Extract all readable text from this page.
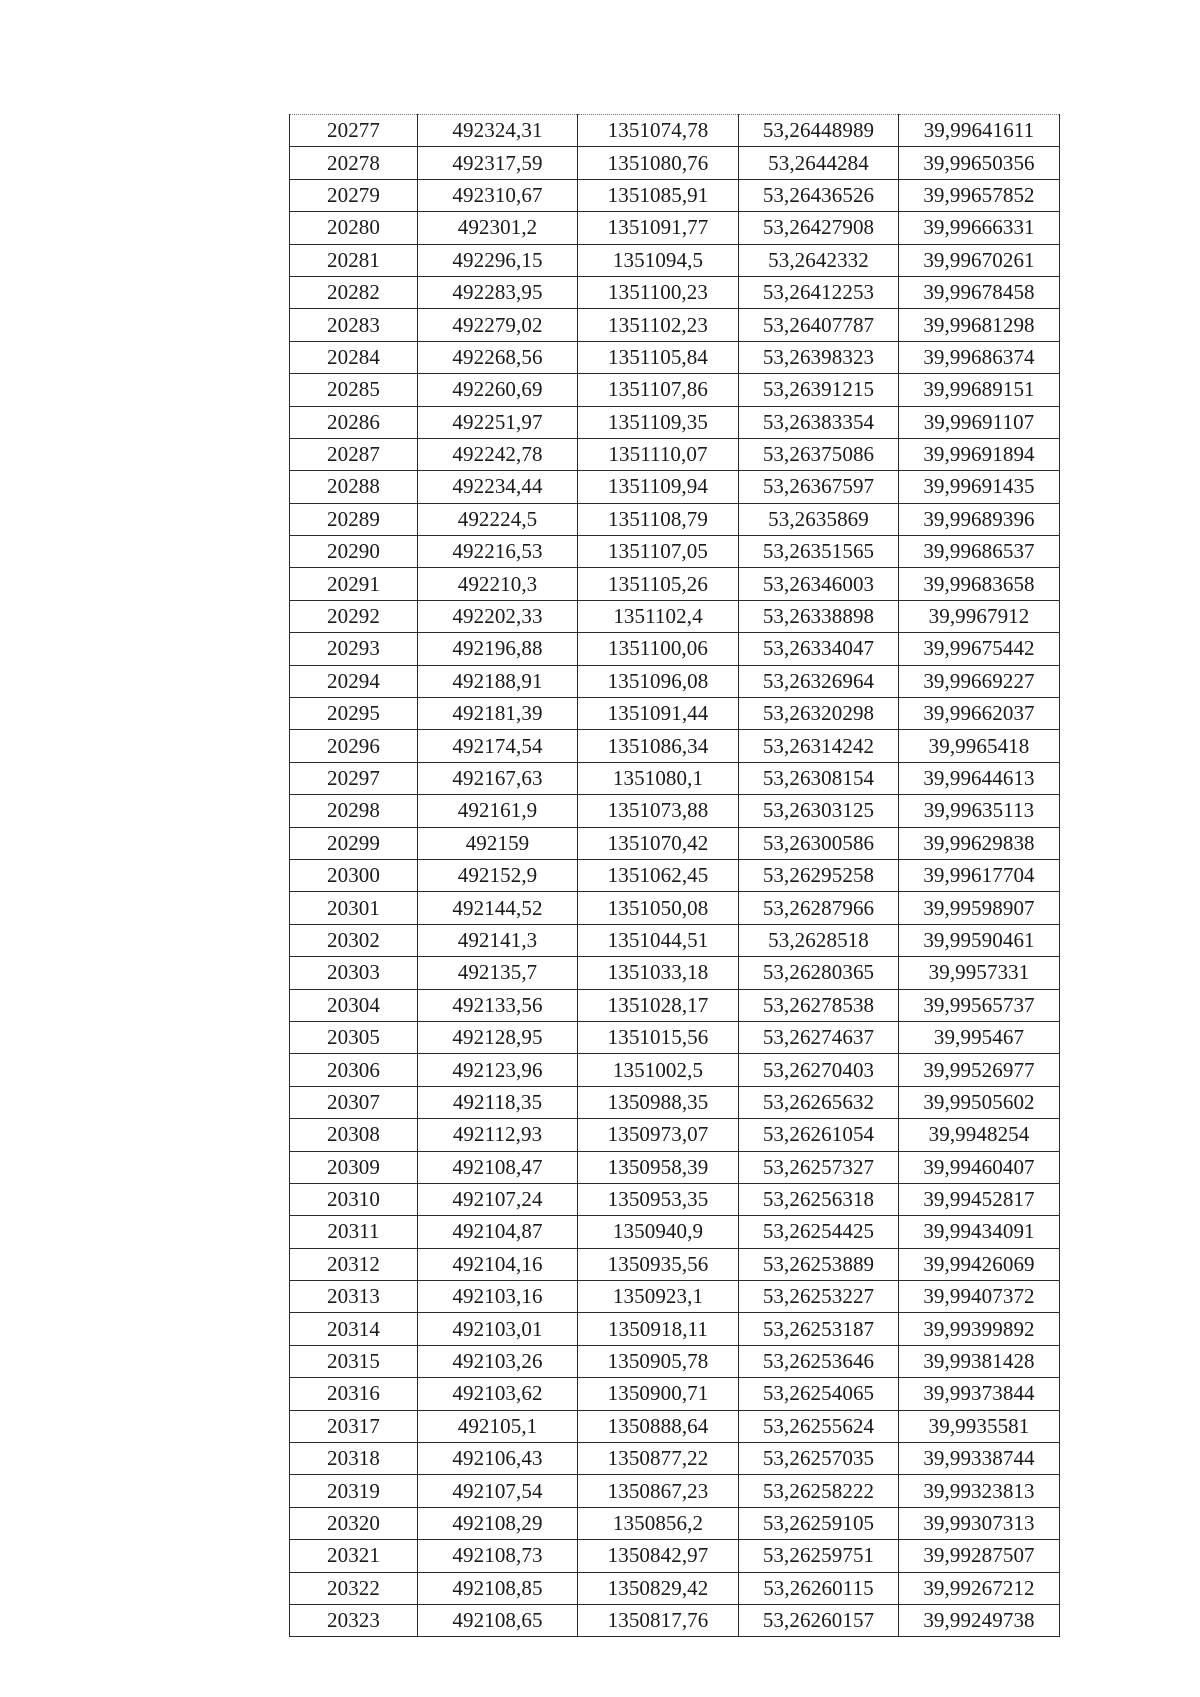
20277	492324,31	1351074,78	53,26448989	39,99641611
20278	492317,59	1351080,76	53,2644284	39,99650356
20279	492310,67	1351085,91	53,26436526	39,99657852
20280	492301,2	1351091,77	53,26427908	39,99666331
20281	492296,15	1351094,5	53,2642332	39,99670261
20282	492283,95	1351100,23	53,26412253	39,99678458
20283	492279,02	1351102,23	53,26407787	39,99681298
20284	492268,56	1351105,84	53,26398323	39,99686374
20285	492260,69	1351107,86	53,26391215	39,99689151
20286	492251,97	1351109,35	53,26383354	39,99691107
20287	492242,78	1351110,07	53,26375086	39,99691894
20288	492234,44	1351109,94	53,26367597	39,99691435
20289	492224,5	1351108,79	53,2635869	39,99689396
20290	492216,53	1351107,05	53,26351565	39,99686537
20291	492210,3	1351105,26	53,26346003	39,99683658
20292	492202,33	1351102,4	53,26338898	39,9967912
20293	492196,88	1351100,06	53,26334047	39,99675442
20294	492188,91	1351096,08	53,26326964	39,99669227
20295	492181,39	1351091,44	53,26320298	39,99662037
20296	492174,54	1351086,34	53,26314242	39,9965418
20297	492167,63	1351080,1	53,26308154	39,99644613
20298	492161,9	1351073,88	53,26303125	39,99635113
20299	492159	1351070,42	53,26300586	39,99629838
20300	492152,9	1351062,45	53,26295258	39,99617704
20301	492144,52	1351050,08	53,26287966	39,99598907
20302	492141,3	1351044,51	53,2628518	39,99590461
20303	492135,7	1351033,18	53,26280365	39,9957331
20304	492133,56	1351028,17	53,26278538	39,99565737
20305	492128,95	1351015,56	53,26274637	39,995467
20306	492123,96	1351002,5	53,26270403	39,99526977
20307	492118,35	1350988,35	53,26265632	39,99505602
20308	492112,93	1350973,07	53,26261054	39,9948254
20309	492108,47	1350958,39	53,26257327	39,99460407
20310	492107,24	1350953,35	53,26256318	39,99452817
20311	492104,87	1350940,9	53,26254425	39,99434091
20312	492104,16	1350935,56	53,26253889	39,99426069
20313	492103,16	1350923,1	53,26253227	39,99407372
20314	492103,01	1350918,11	53,26253187	39,99399892
20315	492103,26	1350905,78	53,26253646	39,99381428
20316	492103,62	1350900,71	53,26254065	39,99373844
20317	492105,1	1350888,64	53,26255624	39,9935581
20318	492106,43	1350877,22	53,26257035	39,99338744
20319	492107,54	1350867,23	53,26258222	39,99323813
20320	492108,29	1350856,2	53,26259105	39,99307313
20321	492108,73	1350842,97	53,26259751	39,99287507
20322	492108,85	1350829,42	53,26260115	39,99267212
20323	492108,65	1350817,76	53,26260157	39,99249738
